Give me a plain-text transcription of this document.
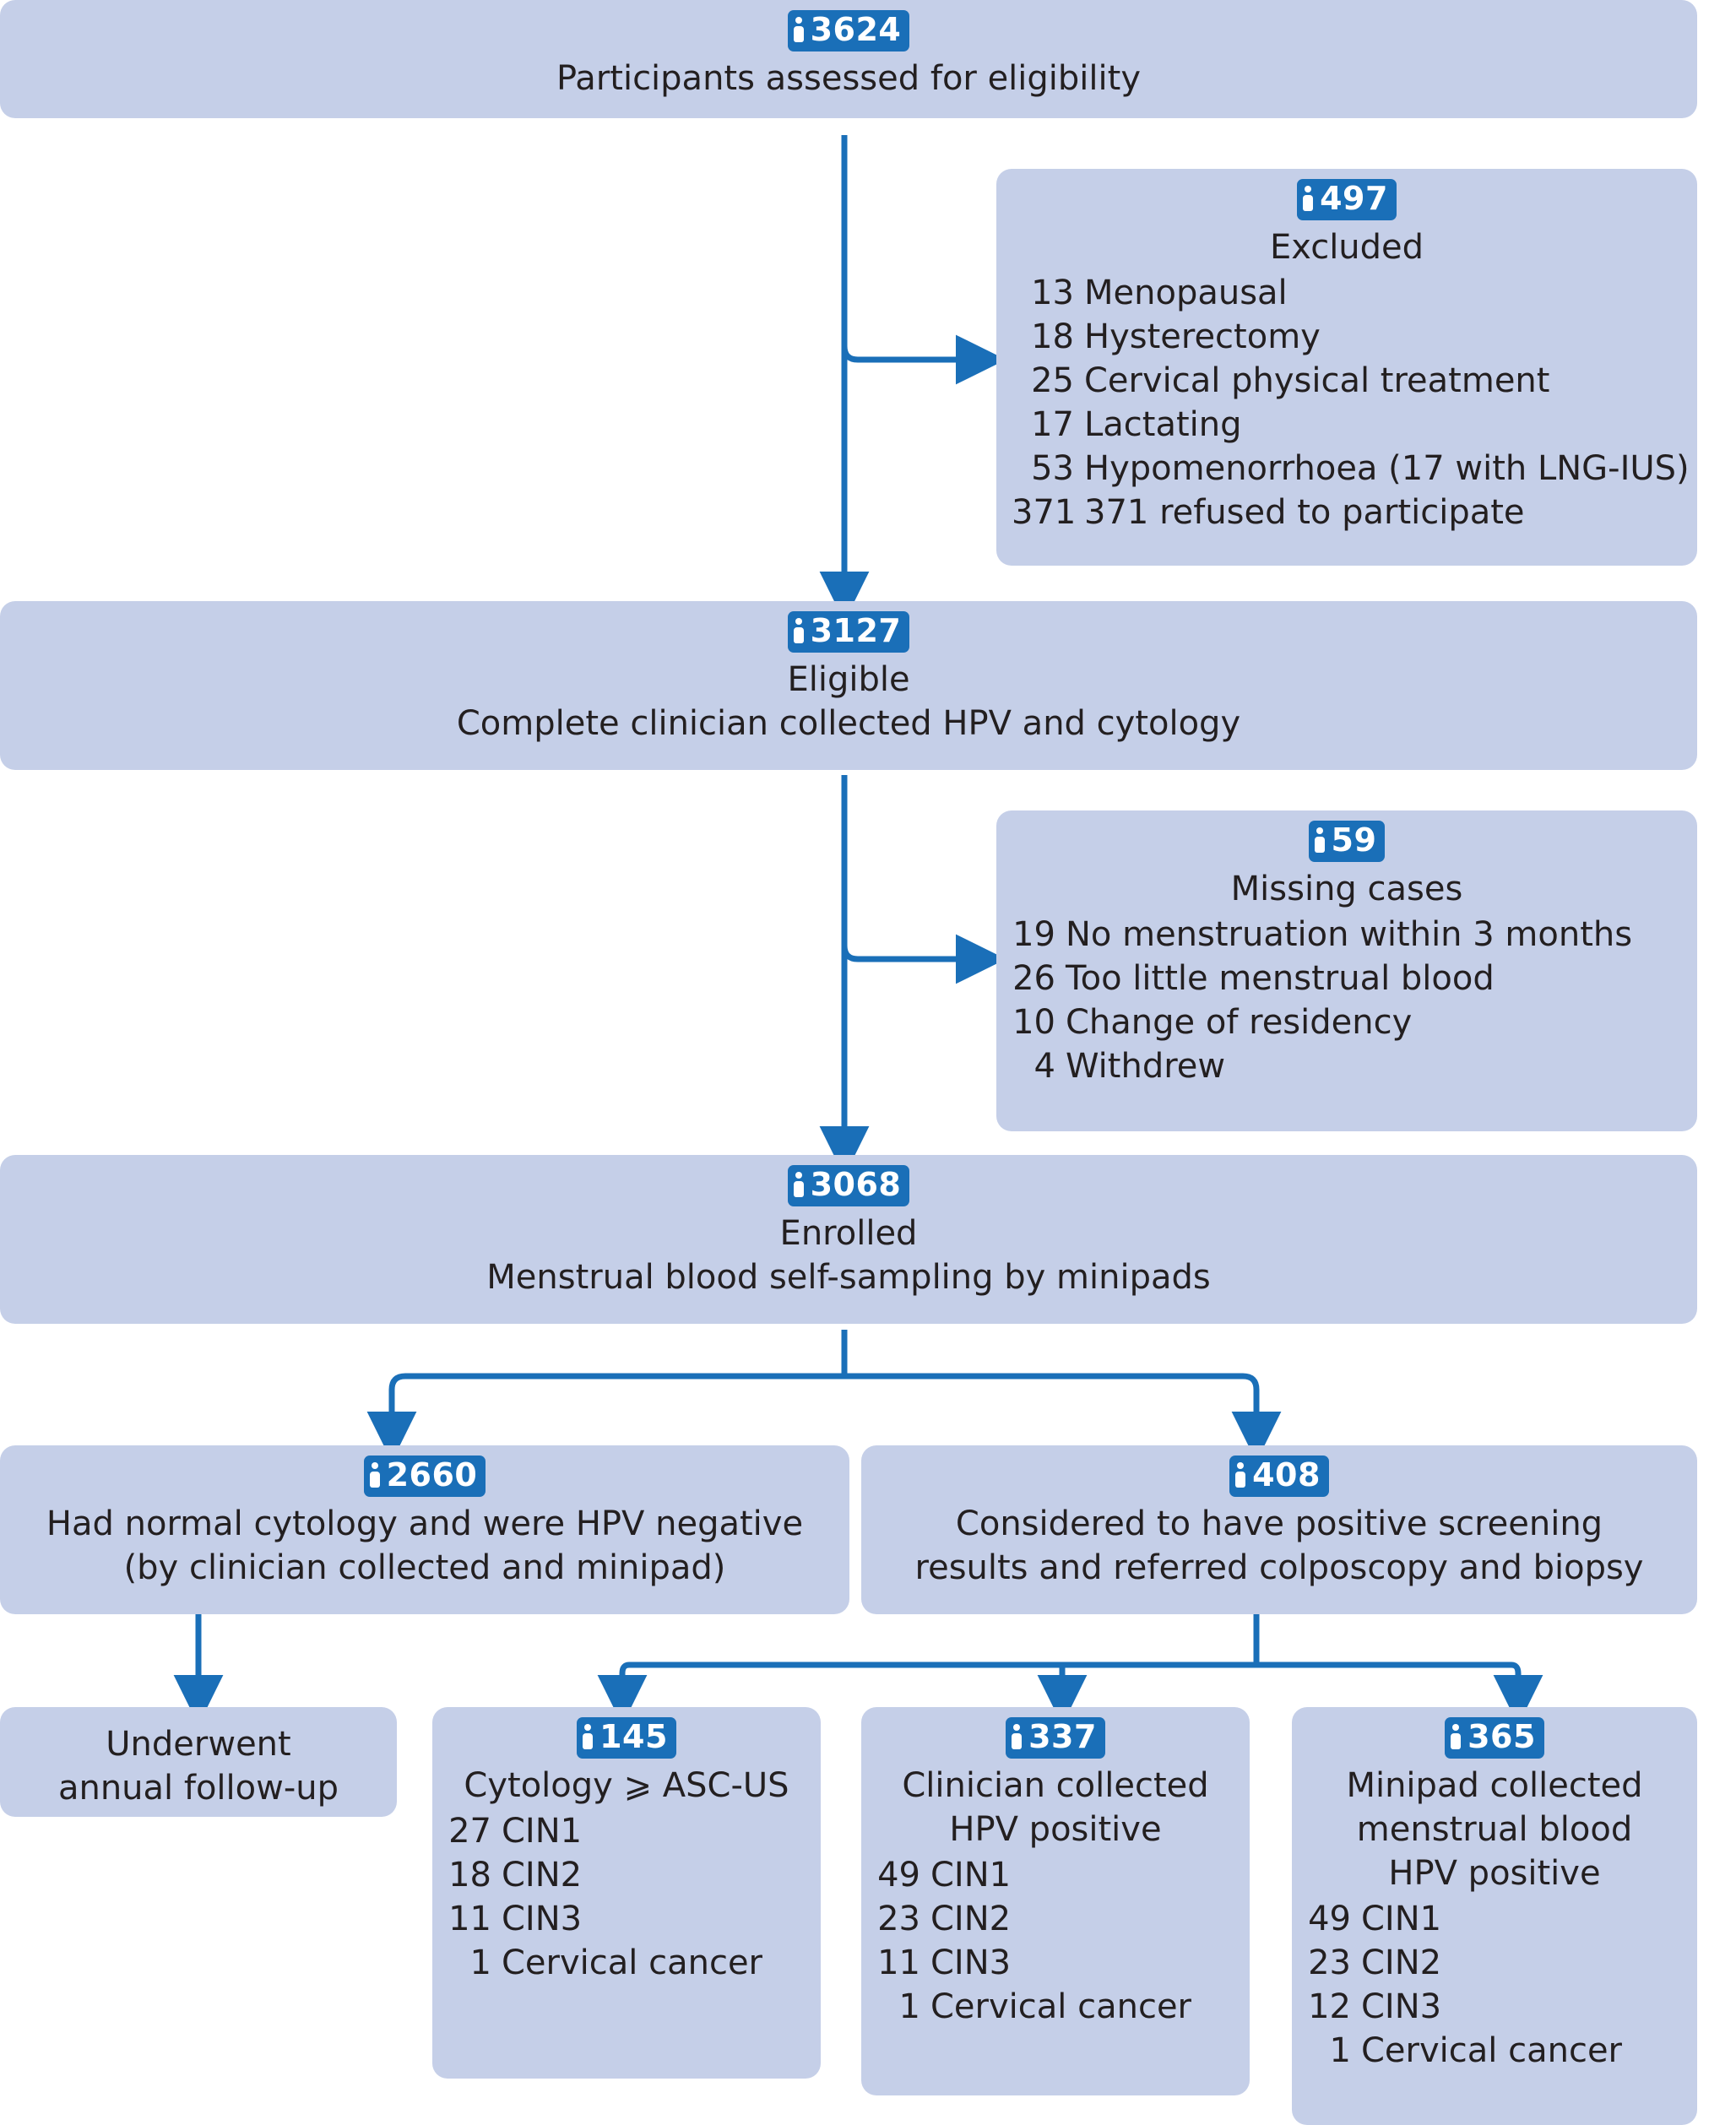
3624
Participants assessed for eligibility
497
Excluded
13 Menopausal
18 Hysterectomy
25 Cervical physical treatment
17 Lactating
53 Hypomenorrhoea (17 with LNG-IUS)
371 371 refused to participate
3127
Eligible
Complete clinician collected HPV and cytology
59
Missing cases
19 No menstruation within 3 months
26 Too little menstrual blood
10 Change of residency
4 Withdrew
3068
Enrolled
Menstrual blood self-sampling by minipads
2660
Had normal cytology and were HPV negative
(by clinician collected and minipad)
408
Considered to have positive screening
results and referred colposcopy and biopsy
Underwent
annual follow-up
145
Cytology ⩾ ASC-US
27 CIN1
18 CIN2
11 CIN3
1 Cervical cancer
337
Clinician collected
HPV positive
49 CIN1
23 CIN2
11 CIN3
1 Cervical cancer
365
Minipad collected
menstrual blood
HPV positive
49 CIN1
23 CIN2
12 CIN3
1 Cervical cancer
